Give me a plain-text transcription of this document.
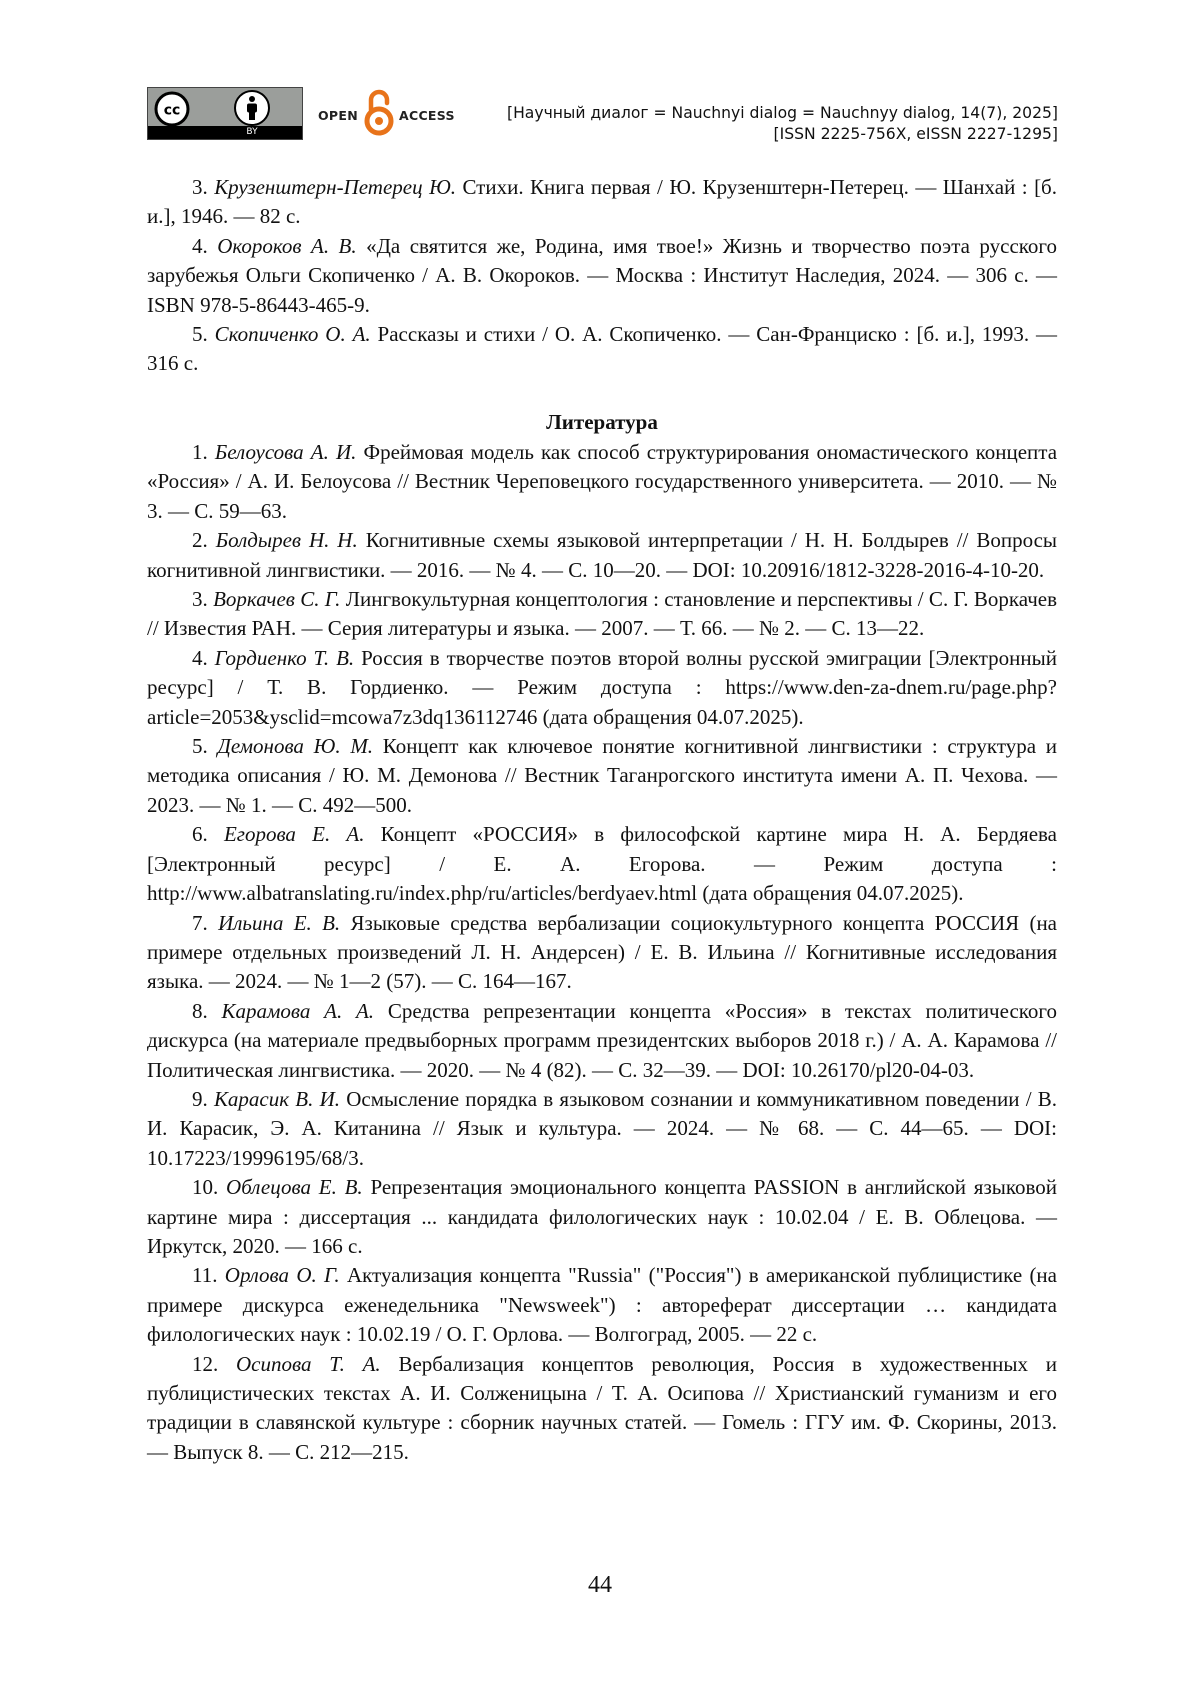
cc
BY
OPEN	ACCESS	[Научный диалог = Nauchnyi dialog = Nauchnyy dialog, 14(7), 2025]
[ISSN 2225-756X, eISSN 2227-1295]

3. Крузенштерн-Петерец Ю. Стихи. Книга первая / Ю. Крузенштерн-Петерец. — Шанхай : [б. и.], 1946. — 82 с.

4. Окороков А. В. «Да святится же, Родина, имя твое!» Жизнь и творчество поэта русского зарубежья Ольги Скопиченко / А. В. Окороков. — Москва : Институт Наследия, 2024. — 306 с. — ISBN 978-5-86443-465-9.

5. Скопиченко О. А. Рассказы и стихи / О. А. Скопиченко. — Сан-Франциско : [б. и.], 1993. — 316 с.

Литература

1. Белоусова А. И. Фреймовая модель как способ структурирования ономастического концепта «Россия» / А. И. Белоусова // Вестник Череповецкого государственного университета. — 2010. — № 3. — С. 59—63.

2. Болдырев Н. Н. Когнитивные схемы языковой интерпретации / Н. Н. Болдырев // Вопросы когнитивной лингвистики. — 2016. — № 4. — С. 10—20. — DOI: 10.20916/1812-3228-2016-4-10-20.

3. Воркачев С. Г. Лингвокультурная концептология : становление и перспективы / С. Г. Воркачев // Известия РАН. — Серия литературы и языка. — 2007. — Т. 66. — № 2. — С. 13—22.

4. Гордиенко Т. В. Россия в творчестве поэтов второй волны русской эмиграции [Электронный ресурс] / Т. В. Гордиенко. — Режим доступа : https://www.den-za-dnem.ru/page.php?article=2053&ysclid=mcowa7z3dq136112746 (дата обращения 04.07.2025).

5. Демонова Ю. М. Концепт как ключевое понятие когнитивной лингвистики : структура и методика описания / Ю. М. Демонова // Вестник Таганрогского института имени А. П. Чехова. — 2023. — № 1. — С. 492—500.

6. Егорова Е. А. Концепт «РОССИЯ» в философской картине мира Н. А. Бердяева [Электронный ресурс] / Е. А. Егорова. — Режим доступа : http://www.albatranslating.ru/index.php/ru/articles/berdyaev.html (дата обращения 04.07.2025).

7. Ильина Е. В. Языковые средства вербализации социокультурного концепта РОССИЯ (на примере отдельных произведений Л. Н. Андерсен) / Е. В. Ильина // Когнитивные исследования языка. — 2024. — № 1—2 (57). — С. 164—167.

8. Карамова А. А. Средства репрезентации концепта «Россия» в текстах политического дискурса (на материале предвыборных программ президентских выборов 2018 г.) / А. А. Карамова // Политическая лингвистика. — 2020. — № 4 (82). — С. 32—39. — DOI: 10.26170/pl20-04-03.

9. Карасик В. И. Осмысление порядка в языковом сознании и коммуникативном поведении / В. И. Карасик, Э. А. Китанина // Язык и культура. — 2024. — № 68. — С. 44—65. — DOI: 10.17223/19996195/68/3.

10. Облецова Е. В. Репрезентация эмоционального концепта PASSION в английской языковой картине мира : диссертация ... кандидата филологических наук : 10.02.04 / Е. В. Облецова. — Иркутск, 2020. — 166 с.

11. Орлова О. Г. Актуализация концепта "Russia" ("Россия") в американской публицистике (на примере дискурса еженедельника "Newsweek") : автореферат диссертации … кандидата филологических наук : 10.02.19 / О. Г. Орлова. — Волгоград, 2005. — 22 с.

12. Осипова Т. А. Вербализация концептов революция, Россия в художественных и публицистических текстах А. И. Солженицына / Т. А. Осипова // Христианский гуманизм и его традиции в славянской культуре : сборник научных статей. — Гомель : ГГУ им. Ф. Скорины, 2013. — Выпуск 8. — С. 212—215.

44
